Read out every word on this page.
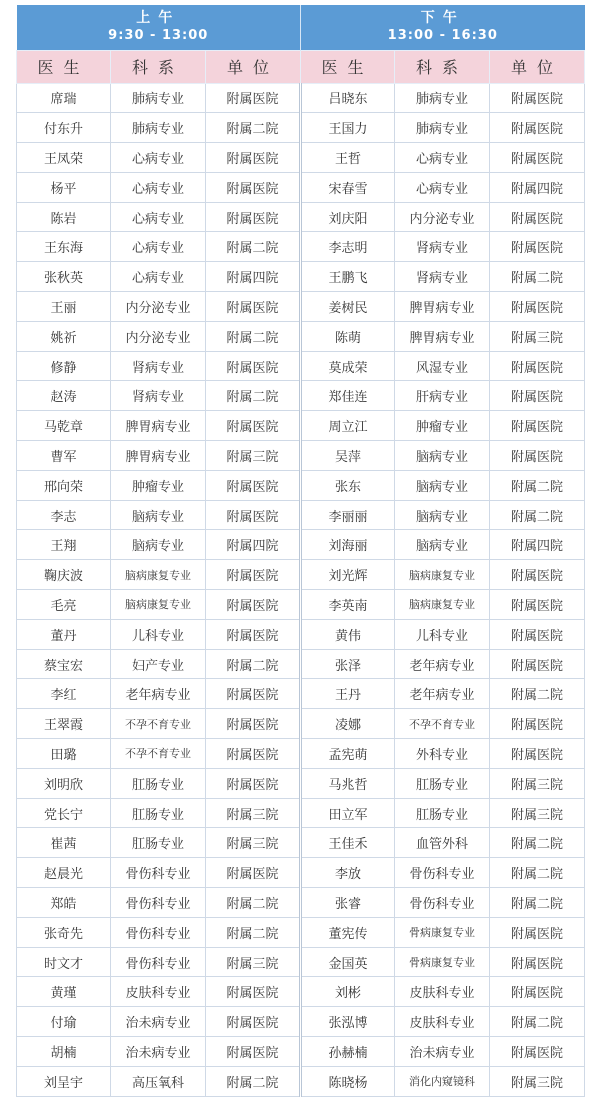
上午
9:30 - 13:00			下午
13:00 - 16:30		

医生	科系	单位	医生	科系	单位
席瑞	肺病专业	附属医院	吕晓东	肺病专业	附属医院
付东升	肺病专业	附属二院	王国力	肺病专业	附属医院
王凤荣	心病专业	附属医院	王哲	心病专业	附属医院
杨平	心病专业	附属医院	宋春雪	心病专业	附属四院
陈岩	心病专业	附属医院	刘庆阳	内分泌专业	附属医院
王东海	心病专业	附属二院	李志明	肾病专业	附属医院
张秋英	心病专业	附属四院	王鹏飞	肾病专业	附属二院
王丽	内分泌专业	附属医院	姜树民	脾胃病专业	附属医院
姚祈	内分泌专业	附属二院	陈萌	脾胃病专业	附属三院
修静	肾病专业	附属医院	莫成荣	风湿专业	附属医院
赵涛	肾病专业	附属二院	郑佳连	肝病专业	附属医院
马乾章	脾胃病专业	附属医院	周立江	肿瘤专业	附属医院
曹军	脾胃病专业	附属三院	吴萍	脑病专业	附属医院
邢向荣	肿瘤专业	附属医院	张东	脑病专业	附属二院
李志	脑病专业	附属医院	李丽丽	脑病专业	附属二院
王翔	脑病专业	附属四院	刘海丽	脑病专业	附属四院
鞠庆波	脑病康复专业	附属医院	刘光辉	脑病康复专业	附属医院
毛亮	脑病康复专业	附属医院	李英南	脑病康复专业	附属医院
董丹	儿科专业	附属医院	黄伟	儿科专业	附属医院
蔡宝宏	妇产专业	附属二院	张泽	老年病专业	附属医院
李红	老年病专业	附属医院	王丹	老年病专业	附属二院
王翠霞	不孕不育专业	附属医院	凌娜	不孕不育专业	附属医院
田璐	不孕不育专业	附属医院	孟宪萌	外科专业	附属医院
刘明欣	肛肠专业	附属医院	马兆哲	肛肠专业	附属三院
党长宁	肛肠专业	附属三院	田立军	肛肠专业	附属三院
崔茜	肛肠专业	附属三院	王佳禾	血管外科	附属二院
赵晨光	骨伤科专业	附属医院	李放	骨伤科专业	附属二院
郑皓	骨伤科专业	附属二院	张睿	骨伤科专业	附属二院
张奇先	骨伤科专业	附属二院	董宪传	骨病康复专业	附属医院
时文才	骨伤科专业	附属三院	金国英	骨病康复专业	附属医院
黄瑾	皮肤科专业	附属医院	刘彬	皮肤科专业	附属医院
付瑜	治未病专业	附属医院	张泓博	皮肤科专业	附属二院
胡楠	治未病专业	附属医院	孙赫楠	治未病专业	附属医院
刘呈宇	高压氧科	附属二院	陈晓杨	消化内窥镜科	附属三院
